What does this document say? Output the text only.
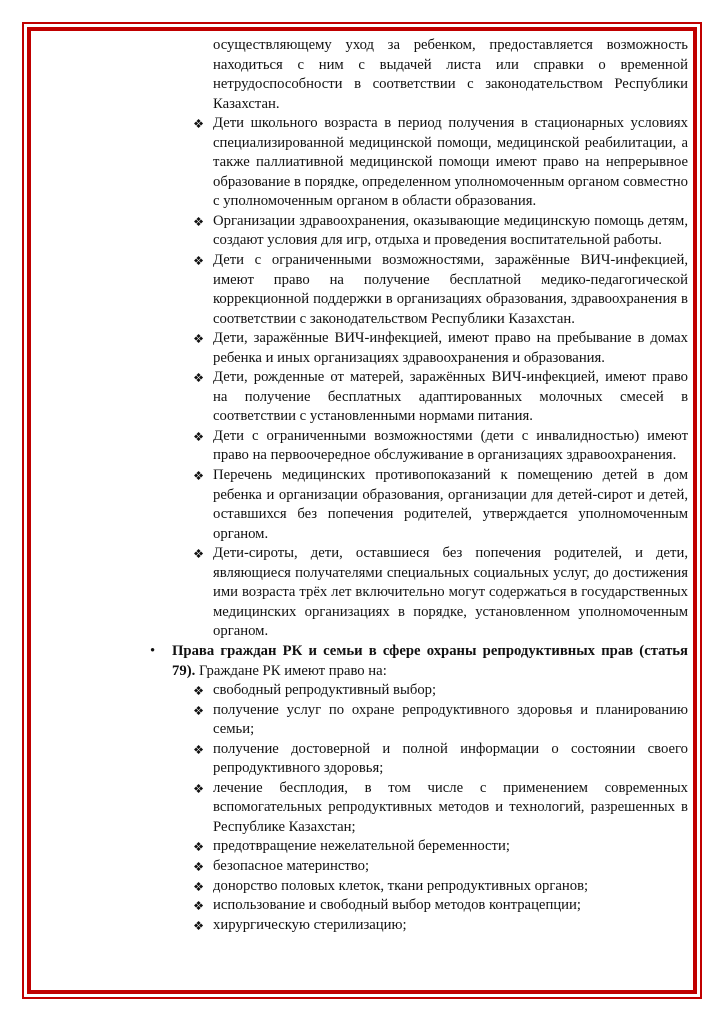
осуществляющему уход за ребенком, предоставляется возможность находиться с ним с выдачей листа или справки о временной нетрудоспособности в соответствии с законодательством Республики Казахстан.

❖ Дети школьного возраста в период получения в стационарных условиях специализированной медицинской помощи, медицинской реабилитации, а также паллиативной медицинской помощи имеют право на непрерывное образование в порядке, определенном уполномоченным органом совместно с уполномоченным органом в области образования.

❖ Организации здравоохранения, оказывающие медицинскую помощь детям, создают условия для игр, отдыха и проведения воспитательной работы.

❖ Дети с ограниченными возможностями, заражённые ВИЧ-инфекцией, имеют право на получение бесплатной медико-педагогической коррекционной поддержки в организациях образования, здравоохранения в соответствии с законодательством Республики Казахстан.

❖ Дети, заражённые ВИЧ-инфекцией, имеют право на пребывание в домах ребенка и иных организациях здравоохранения и образования.

❖ Дети, рожденные от матерей, заражённых ВИЧ-инфекцией, имеют право на получение бесплатных адаптированных молочных смесей в соответствии с установленными нормами питания.

❖ Дети с ограниченными возможностями (дети с инвалидностью) имеют право на первоочередное обслуживание в организациях здравоохранения.

❖ Перечень медицинских противопоказаний к помещению детей в дом ребенка и организации образования, организации для детей-сирот и детей, оставшихся без попечения родителей, утверждается уполномоченным органом.

❖ Дети-сироты, дети, оставшиеся без попечения родителей, и дети, являющиеся получателями специальных социальных услуг, до достижения ими возраста трёх лет включительно могут содержаться в государственных медицинских организациях в порядке, установленном уполномоченным органом.

• Права граждан РК и семьи в сфере охраны репродуктивных прав (статья 79). Граждане РК имеют право на:

❖ свободный репродуктивный выбор;

❖ получение услуг по охране репродуктивного здоровья и планированию семьи;

❖ получение достоверной и полной информации о состоянии своего репродуктивного здоровья;

❖ лечение бесплодия, в том числе с применением современных вспомогательных репродуктивных методов и технологий, разрешенных в Республике Казахстан;

❖ предотвращение нежелательной беременности;

❖ безопасное материнство;

❖ донорство половых клеток, ткани репродуктивных органов;

❖ использование и свободный выбор методов контрацепции;

❖ хирургическую стерилизацию;
